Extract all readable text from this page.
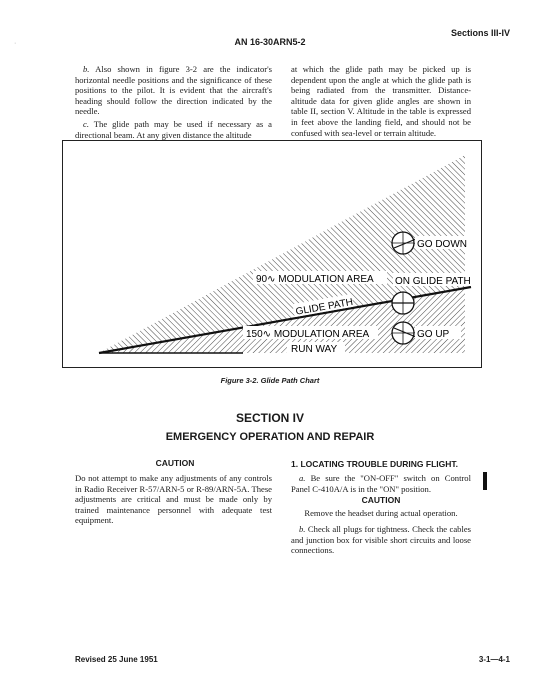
Sections III-IV
AN 16-30ARN5-2
·

b. Also shown in figure 3-2 are the indicator's horizontal needle positions and the significance of these positions to the pilot. It is evident that the aircraft's heading should follow the direction indicated by the needle.

c. The glide path may be used if necessary as a directional beam. At any given distance the altitude

at which the glide path may be picked up is dependent upon the angle at which the glide path is being radiated from the transmitter. Distance-altitude data for given glide angles are shown in table II, section V. Altitude in the table is expressed in feet above the landing field, and should not be confused with sea-level or terrain altitude.

90∿ MODULATION AREA
GLIDE PATH
150∿ MODULATION AREA
RUN WAY
GO DOWN
ON GLIDE PATH
GO UP
Figure 3-2. Glide Path Chart
SECTION IV
EMERGENCY OPERATION AND REPAIR
CAUTION

Do not attempt to make any adjustments of any controls in Radio Receiver R-57/ARN-5 or R-89/ARN-5A. These adjustments are critical and must be made only by trained maintenance personnel with adequate test equipment.

1. LOCATING TROUBLE DURING FLIGHT.

a. Be sure the "ON-OFF" switch on Control Panel C-410A/A is in the "ON" position.

CAUTION

Remove the headset during actual operation.

b. Check all plugs for tightness. Check the cables and junction box for visible short circuits and loose connections.

Revised 25 June 1951	3-1—4-1
